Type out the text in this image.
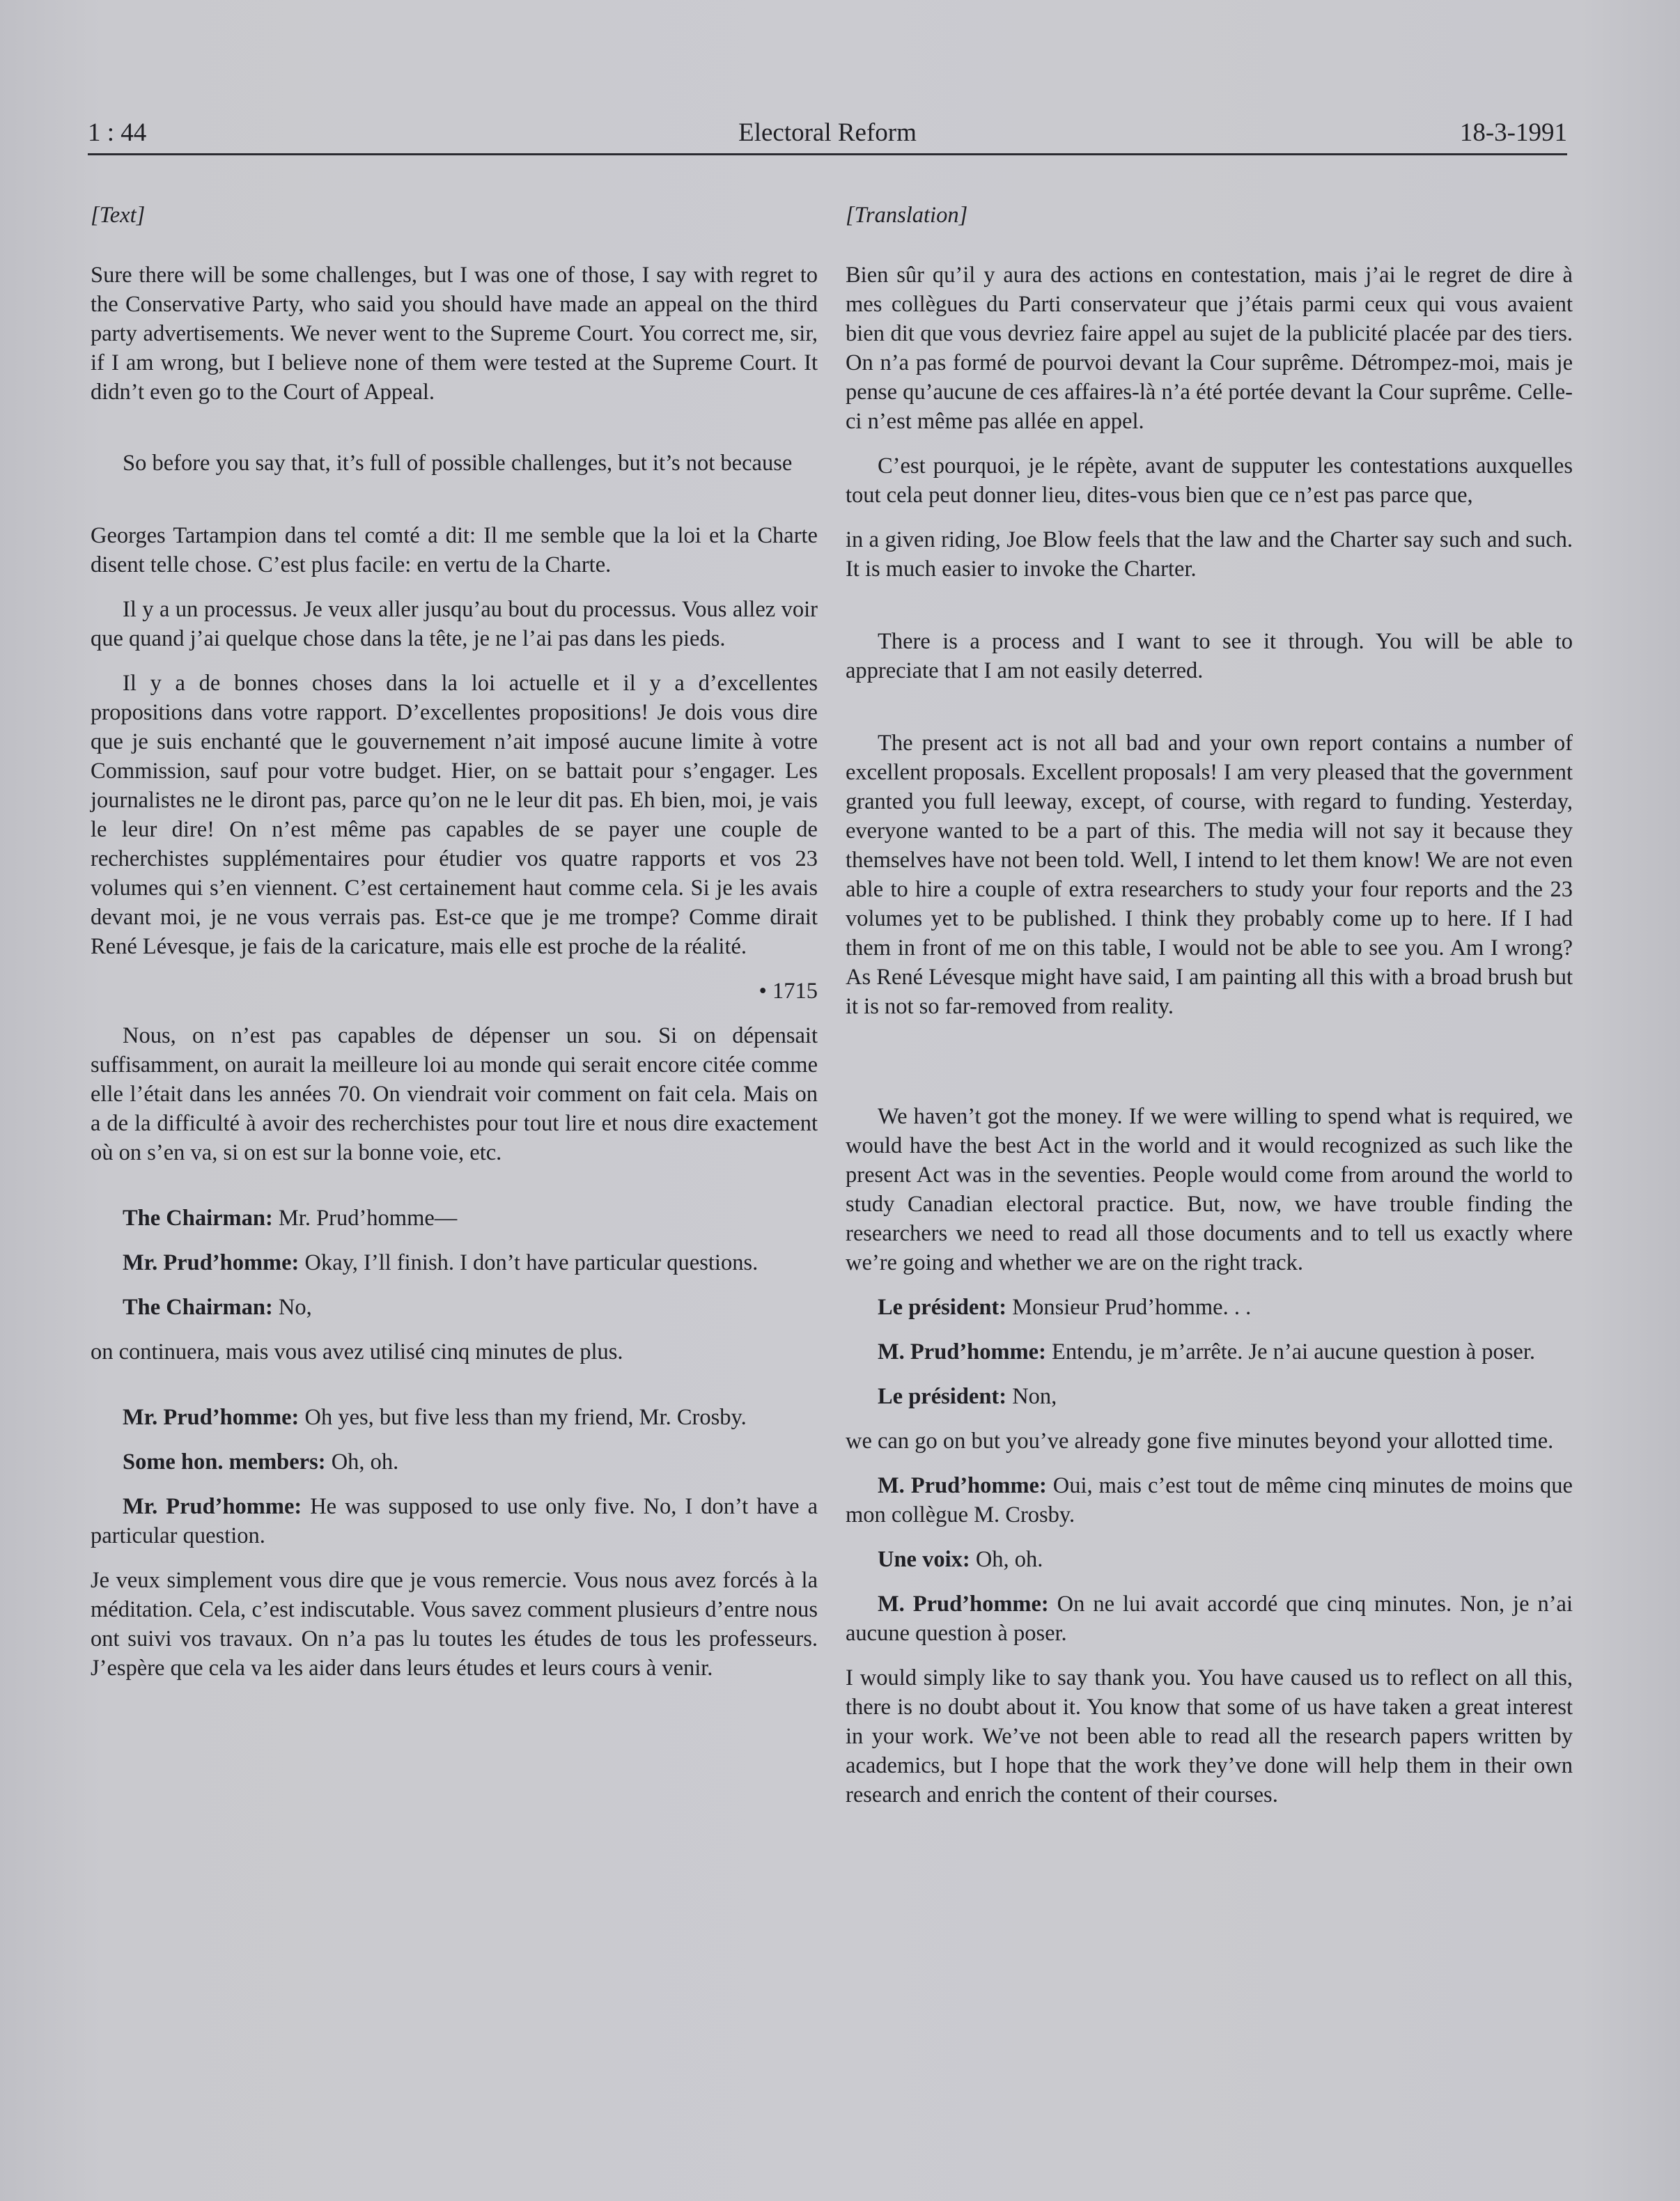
1 : 44	Electoral Reform	18-3-1991

[Text]

Sure there will be some challenges, but I was one of those, I say with regret to the Conservative Party, who said you should have made an appeal on the third party advertisements. We never went to the Supreme Court. You correct me, sir, if I am wrong, but I believe none of them were tested at the Supreme Court. It didn’t even go to the Court of Appeal.

So before you say that, it’s full of possible challenges, but it’s not because

Georges Tartampion dans tel comté a dit: Il me semble que la loi et la Charte disent telle chose. C’est plus facile: en vertu de la Charte.

Il y a un processus. Je veux aller jusqu’au bout du processus. Vous allez voir que quand j’ai quelque chose dans la tête, je ne l’ai pas dans les pieds.

Il y a de bonnes choses dans la loi actuelle et il y a d’excellentes propositions dans votre rapport. D’excellentes propositions! Je dois vous dire que je suis enchanté que le gouvernement n’ait imposé aucune limite à votre Commission, sauf pour votre budget. Hier, on se battait pour s’engager. Les journalistes ne le diront pas, parce qu’on ne le leur dit pas. Eh bien, moi, je vais le leur dire! On n’est même pas capables de se payer une couple de recherchistes supplémentaires pour étudier vos quatre rapports et vos 23 volumes qui s’en viennent. C’est certainement haut comme cela. Si je les avais devant moi, je ne vous verrais pas. Est-ce que je me trompe? Comme dirait René Lévesque, je fais de la caricature, mais elle est proche de la réalité.

• 1715

Nous, on n’est pas capables de dépenser un sou. Si on dépensait suffisamment, on aurait la meilleure loi au monde qui serait encore citée comme elle l’était dans les années 70. On viendrait voir comment on fait cela. Mais on a de la difficulté à avoir des recherchistes pour tout lire et nous dire exactement où on s’en va, si on est sur la bonne voie, etc.

The Chairman: Mr. Prud’homme—

Mr. Prud’homme: Okay, I’ll finish. I don’t have particular questions.

The Chairman: No,

on continuera, mais vous avez utilisé cinq minutes de plus.

Mr. Prud’homme: Oh yes, but five less than my friend, Mr. Crosby.

Some hon. members: Oh, oh.

Mr. Prud’homme: He was supposed to use only five. No, I don’t have a particular question.

Je veux simplement vous dire que je vous remercie. Vous nous avez forcés à la méditation. Cela, c’est indiscutable. Vous savez comment plusieurs d’entre nous ont suivi vos travaux. On n’a pas lu toutes les études de tous les professeurs. J’espère que cela va les aider dans leurs études et leurs cours à venir.

[Translation]

Bien sûr qu’il y aura des actions en contestation, mais j’ai le regret de dire à mes collègues du Parti conservateur que j’étais parmi ceux qui vous avaient bien dit que vous devriez faire appel au sujet de la publicité placée par des tiers. On n’a pas formé de pourvoi devant la Cour suprême. Détrompez-moi, mais je pense qu’aucune de ces affaires-là n’a été portée devant la Cour suprême. Celle-ci n’est même pas allée en appel.

C’est pourquoi, je le répète, avant de supputer les contestations auxquelles tout cela peut donner lieu, dites-vous bien que ce n’est pas parce que,

in a given riding, Joe Blow feels that the law and the Charter say such and such. It is much easier to invoke the Charter.

There is a process and I want to see it through. You will be able to appreciate that I am not easily deterred.

The present act is not all bad and your own report contains a number of excellent proposals. Excellent proposals! I am very pleased that the government granted you full leeway, except, of course, with regard to funding. Yesterday, everyone wanted to be a part of this. The media will not say it because they themselves have not been told. Well, I intend to let them know! We are not even able to hire a couple of extra researchers to study your four reports and the 23 volumes yet to be published. I think they probably come up to here. If I had them in front of me on this table, I would not be able to see you. Am I wrong? As René Lévesque might have said, I am painting all this with a broad brush but it is not so far-removed from reality.

We haven’t got the money. If we were willing to spend what is required, we would have the best Act in the world and it would recognized as such like the present Act was in the seventies. People would come from around the world to study Canadian electoral practice. But, now, we have trouble finding the researchers we need to read all those documents and to tell us exactly where we’re going and whether we are on the right track.

Le président: Monsieur Prud’homme. . .

M. Prud’homme: Entendu, je m’arrête. Je n’ai aucune question à poser.

Le président: Non,

we can go on but you’ve already gone five minutes beyond your allotted time.

M. Prud’homme: Oui, mais c’est tout de même cinq minutes de moins que mon collègue M. Crosby.

Une voix: Oh, oh.

M. Prud’homme: On ne lui avait accordé que cinq minutes. Non, je n’ai aucune question à poser.

I would simply like to say thank you. You have caused us to reflect on all this, there is no doubt about it. You know that some of us have taken a great interest in your work. We’ve not been able to read all the research papers written by academics, but I hope that the work they’ve done will help them in their own research and enrich the content of their courses.
